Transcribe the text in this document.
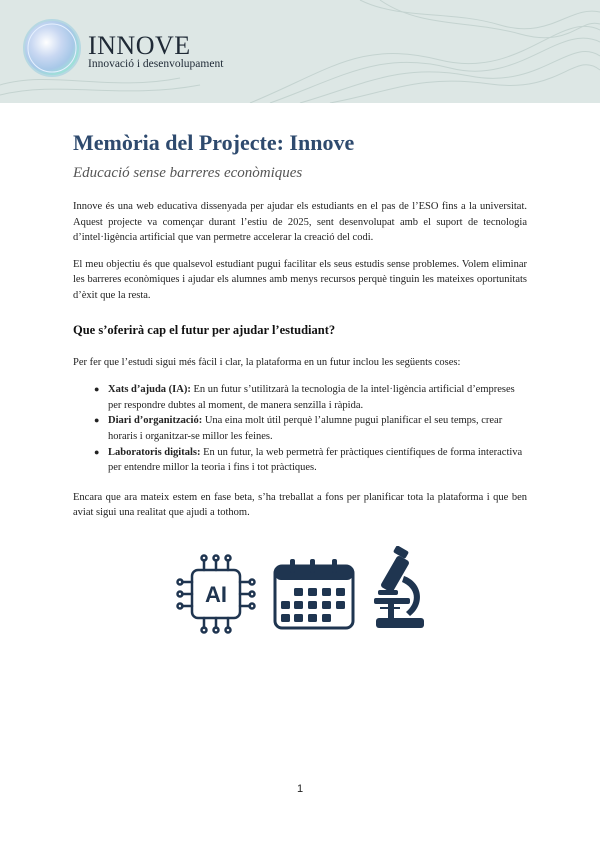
INNOVE
Innovació i desenvolupament
Memòria del Projecte: Innove
Educació sense barreres econòmiques

Innove és una web educativa dissenyada per ajudar els estudiants en el pas de l’ESO fins a la universitat. Aquest projecte va començar durant l’estiu de 2025, sent desenvolupat amb el suport de tecnologia d’intel·ligència artificial que van permetre accelerar la creació del codi.

El meu objectiu és que qualsevol estudiant pugui facilitar els seus estudis sense problemes. Volem eliminar les barreres econòmiques i ajudar els alumnes amb menys recursos perquè tinguin les mateixes oportunitats d’èxit que la resta.

Que s’oferirà cap el futur per ajudar l’estudiant?

Per fer que l’estudi sigui més fàcil i clar, la plataforma en un futur inclou les següents coses:

● Xats d’ajuda (IA): En un futur s’utilitzarà la tecnologia de la intel·ligència artificial d’empreses per respondre dubtes al moment, de manera senzilla i ràpida.
● Diari d’organització: Una eina molt útil perquè l’alumne pugui planificar el seu temps, crear horaris i organitzar-se millor les feines.
● Laboratoris digitals: En un futur, la web permetrà fer pràctiques científiques de forma interactiva per entendre millor la teoria i fins i tot pràctiques.

Encara que ara mateix estem en fase beta, s’ha treballat a fons per planificar tota la plataforma i que ben aviat sigui una realitat que ajudi a tothom.

AI
1
